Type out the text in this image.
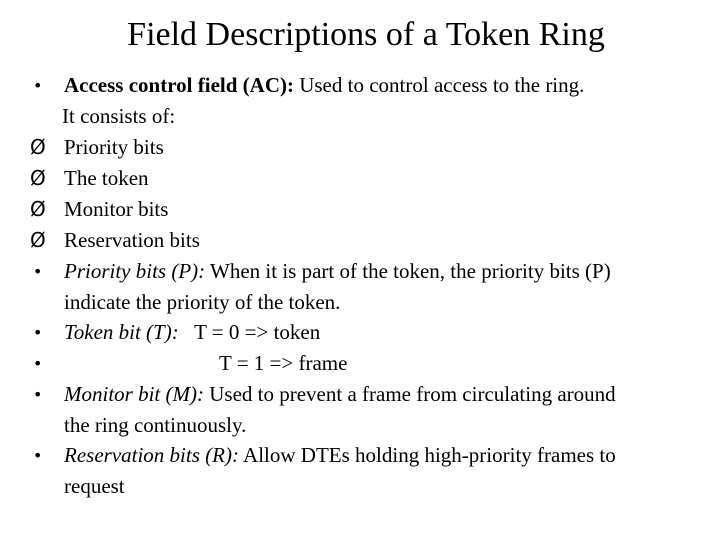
Field Descriptions of a Token Ring
•	Access control field (AC): Used to control access to the ring.
It consists of:
Ø Priority bits
Ø The token
Ø Monitor bits
Ø Reservation bits
•	Priority bits (P): When it is part of the token, the priority bits (P)
indicate the priority of the token.
•	Token bit (T):   T = 0 => token
•	T = 1 => frame
•	Monitor bit (M): Used to prevent a frame from circulating around
the ring continuously.
•	Reservation bits (R): Allow DTEs holding high-priority frames to
request
